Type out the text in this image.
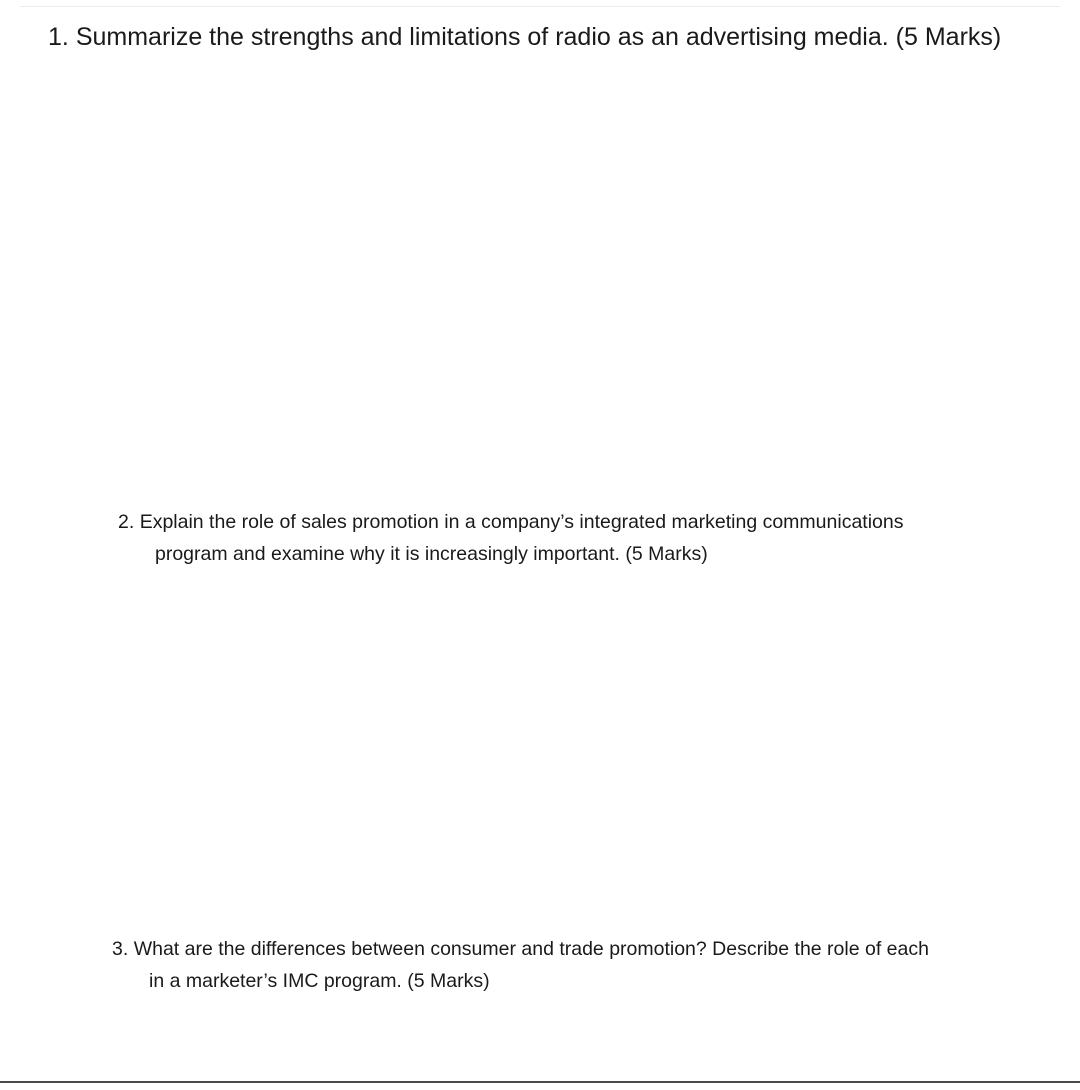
1. Summarize the strengths and limitations of radio as an advertising media. (5 Marks)

2. Explain the role of sales promotion in a company’s integrated marketing communications
program and examine why it is increasingly important. (5 Marks)

3. What are the differences between consumer and trade promotion? Describe the role of each
in a marketer’s IMC program. (5 Marks)
